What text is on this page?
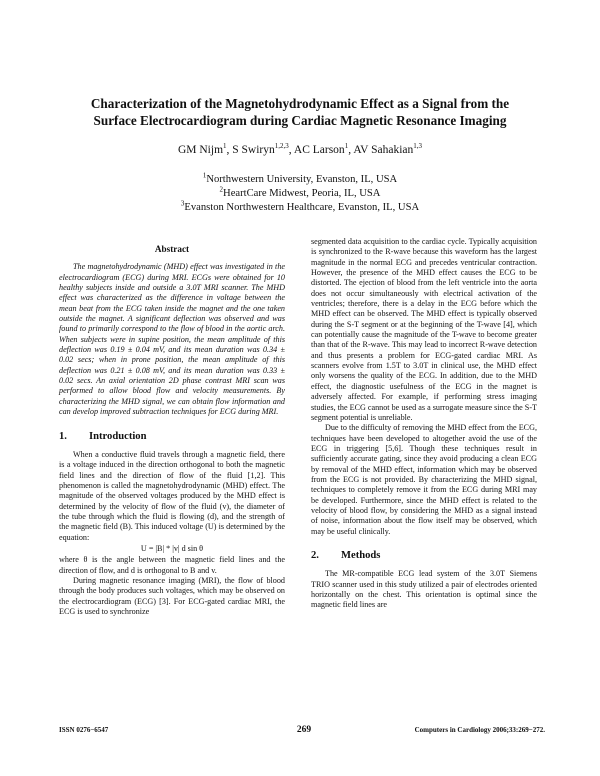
Characterization of the Magnetohydrodynamic Effect as a Signal from the
Surface Electrocardiogram during Cardiac Magnetic Resonance Imaging
GM Nijm$^1$, S Swiryn$^{1,2,3}$, AC Larson$^1$, AV Sahakian$^{1,3}$
$^1$Northwestern University, Evanston, IL, USA
$^2$HeartCare Midwest, Peoria, IL, USA
$^3$Evanston Northwestern Healthcare, Evanston, IL, USA
Abstract

The magnetohydrodynamic (MHD) effect was investigated in the electrocardiogram (ECG) during MRI. ECGs were obtained for 10 healthy subjects inside and outside a 3.0T MRI scanner. The MHD effect was characterized as the difference in voltage between the mean beat from the ECG taken inside the magnet and the one taken outside the magnet. A significant deflection was observed and was found to primarily correspond to the flow of blood in the aortic arch. When subjects were in supine position, the mean amplitude of this deflection was 0.19 ± 0.04 mV, and its mean duration was 0.34 ± 0.02 secs; when in prone position, the mean amplitude of this deflection was 0.21 ± 0.08 mV, and its mean duration was 0.33 ± 0.02 secs. An axial orientation 2D phase contrast MRI scan was performed to allow blood flow and velocity measurements. By characterizing the MHD signal, we can obtain flow information and can develop improved subtraction techniques for ECG during MRI.

1.	Introduction

When a conductive fluid travels through a magnetic field, there is a voltage induced in the direction orthogonal to both the magnetic field lines and the direction of flow of the fluid [1,2]. This phenomenon is called the magnetohydrodynamic (MHD) effect. The magnitude of the observed voltages produced by the MHD effect is determined by the velocity of flow of the fluid (v), the diameter of the tube through which the fluid is flowing (d), and the strength of the magnetic field (B). This induced voltage (U) is determined by the equation:

U = |B| * |v| d sin θ

where θ is the angle between the magnetic field lines and the direction of flow, and d is orthogonal to B and v.

During magnetic resonance imaging (MRI), the flow of blood through the body produces such voltages, which may be observed on the electrocardiogram (ECG) [3]. For ECG-gated cardiac MRI, the ECG is used to synchronize

segmented data acquisition to the cardiac cycle. Typically acquisition is synchronized to the R-wave because this waveform has the largest magnitude in the normal ECG and precedes ventricular contraction. However, the presence of the MHD effect causes the ECG to be distorted. The ejection of blood from the left ventricle into the aorta does not occur simultaneously with electrical activation of the ventricles; therefore, there is a delay in the ECG before which the MHD effect can be observed. The MHD effect is typically observed during the S-T segment or at the beginning of the T-wave [4], which can potentially cause the magnitude of the T-wave to become greater than that of the R-wave. This may lead to incorrect R-wave detection and thus presents a problem for ECG-gated cardiac MRI. As scanners evolve from 1.5T to 3.0T in clinical use, the MHD effect only worsens the quality of the ECG. In addition, due to the MHD effect, the diagnostic usefulness of the ECG in the magnet is adversely affected. For example, if performing stress imaging studies, the ECG cannot be used as a surrogate measure since the S-T segment potential is unreliable.

Due to the difficulty of removing the MHD effect from the ECG, techniques have been developed to altogether avoid the use of the ECG in triggering [5,6]. Though these techniques result in sufficiently accurate gating, since they avoid producing a clean ECG by removal of the MHD effect, information which may be observed from the ECG is not provided. By characterizing the MHD signal, techniques to completely remove it from the ECG during MRI may be developed. Furthermore, since the MHD effect is related to the velocity of blood flow, by considering the MHD as a signal instead of noise, information about the flow itself may be observed, which may be useful clinically.

2.	Methods

The MR-compatible ECG lead system of the 3.0T Siemens TRIO scanner used in this study utilized a pair of electrodes oriented horizontally on the chest. This orientation is optimal since the magnetic field lines are

ISSN 0276−6547	269	Computers in Cardiology 2006;33:269−272.
